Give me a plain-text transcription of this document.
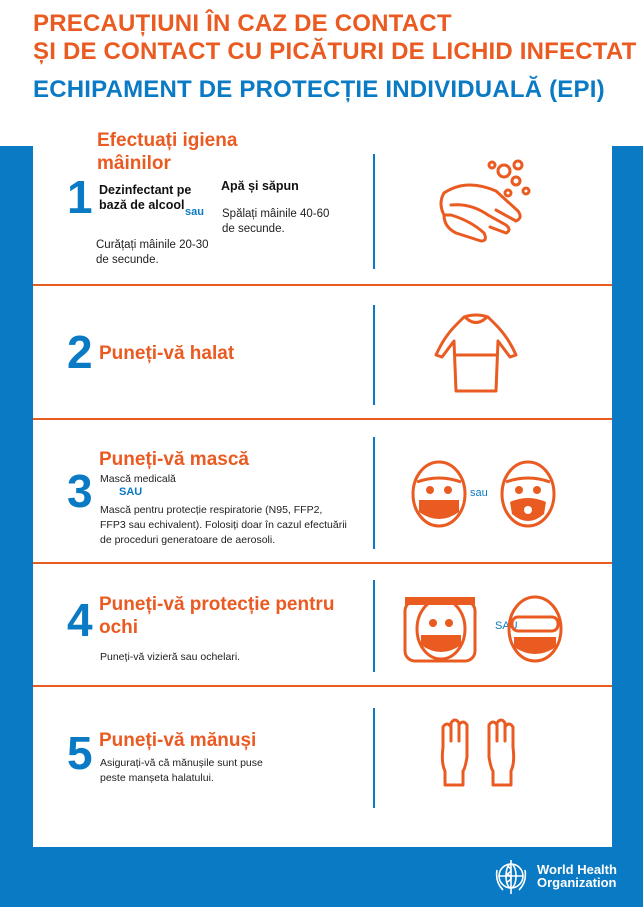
PRECAUȚIUNI ÎN CAZ DE CONTACT
ȘI DE CONTACT CU PICĂTURI DE LICHID INFECTAT
ECHIPAMENT DE PROTECȚIE INDIVIDUALĂ (EPI)
1
Efectuați igiena mâinilor
Dezinfectant pe bază de alcool
Curățați mâinile 20-30 de secunde.
sau
Apă și săpun
Spălați mâinile 40-60 de secunde.
2 Puneți-vă halat
3
Puneți-vă mască
Mască medicală
SAU
Mască pentru protecție respiratorie (N95, FFP2, FFP3 sau echivalent). Folosiți doar în cazul efectuării de proceduri generatoare de aerosoli.
sau
4 Puneți-vă protecție pentru ochi
Puneți-vă vizieră sau ochelari.
SAU
5 Puneți-vă mănuși
Asigurați-vă că mănușile sunt puse peste manșeta halatului.
World Health
Organization
